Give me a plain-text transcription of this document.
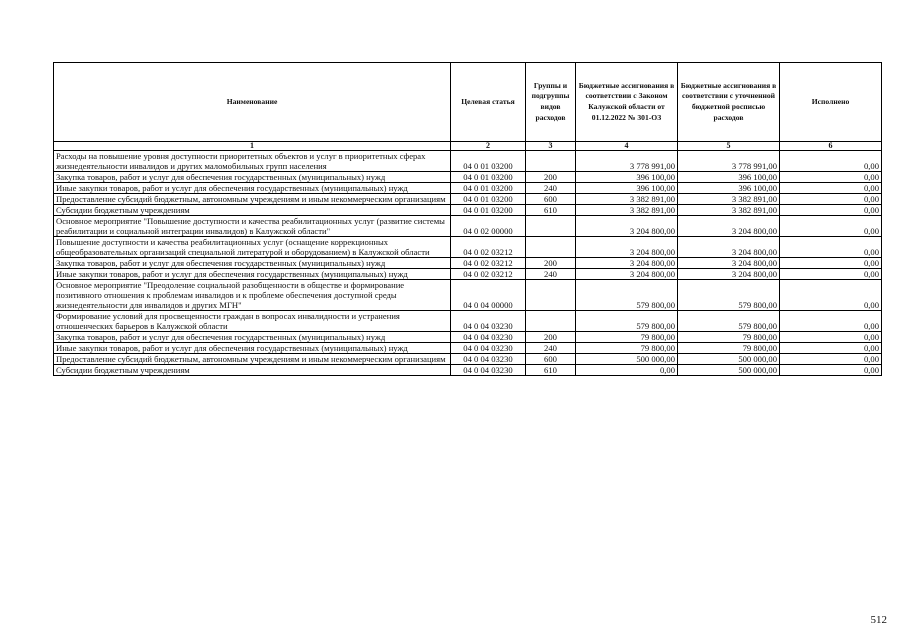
Наименование	Целевая статья	Группы и подгруппы видов расходов	Бюджетные ассигнования в соответствии с Законом Калужской области от 01.12.2022 № 301-ОЗ	Бюджетные ассигнования в соответствии с уточненной бюджетной росписью расходов	Исполнено
1	2	3	4	5	6
Расходы на повышение уровня доступности приоритетных объектов и услуг в приоритетных сферах жизнедеятельности инвалидов и других маломобильных групп населения	04 0 01 03200		3 778 991,00	3 778 991,00	0,00
Закупка товаров, работ и услуг для обеспечения государственных (муниципальных) нужд	04 0 01 03200	200	396 100,00	396 100,00	0,00
Иные закупки товаров, работ и услуг для обеспечения государственных (муниципальных) нужд	04 0 01 03200	240	396 100,00	396 100,00	0,00
Предоставление субсидий бюджетным, автономным учреждениям и иным некоммерческим организациям	04 0 01 03200	600	3 382 891,00	3 382 891,00	0,00
Субсидии бюджетным учреждениям	04 0 01 03200	610	3 382 891,00	3 382 891,00	0,00
Основное мероприятие "Повышение доступности и качества реабилитационных услуг (развитие системы реабилитации и социальной интеграции инвалидов) в Калужской области"	04 0 02 00000		3 204 800,00	3 204 800,00	0,00
Повышение доступности и качества реабилитационных услуг (оснащение коррекционных общеобразовательных организаций специальной литературой и оборудованием) в Калужской области	04 0 02 03212		3 204 800,00	3 204 800,00	0,00
Закупка товаров, работ и услуг для обеспечения государственных (муниципальных) нужд	04 0 02 03212	200	3 204 800,00	3 204 800,00	0,00
Иные закупки товаров, работ и услуг для обеспечения государственных (муниципальных) нужд	04 0 02 03212	240	3 204 800,00	3 204 800,00	0,00
Основное мероприятие "Преодоление социальной разобщенности в обществе и формирование позитивного отношения к проблемам инвалидов и к проблеме обеспечения доступной среды жизнедеятельности для инвалидов и других МГН"	04 0 04 00000		579 800,00	579 800,00	0,00
Формирование условий для просвещенности граждан в вопросах инвалидности и устранения отношенческих барьеров в Калужской области	04 0 04 03230		579 800,00	579 800,00	0,00
Закупка товаров, работ и услуг для обеспечения государственных (муниципальных) нужд	04 0 04 03230	200	79 800,00	79 800,00	0,00
Иные закупки товаров, работ и услуг для обеспечения государственных (муниципальных) нужд	04 0 04 03230	240	79 800,00	79 800,00	0,00
Предоставление субсидий бюджетным, автономным учреждениям и иным некоммерческим организациям	04 0 04 03230	600	500 000,00	500 000,00	0,00
Субсидии бюджетным учреждениям	04 0 04 03230	610	0,00	500 000,00	0,00
512
